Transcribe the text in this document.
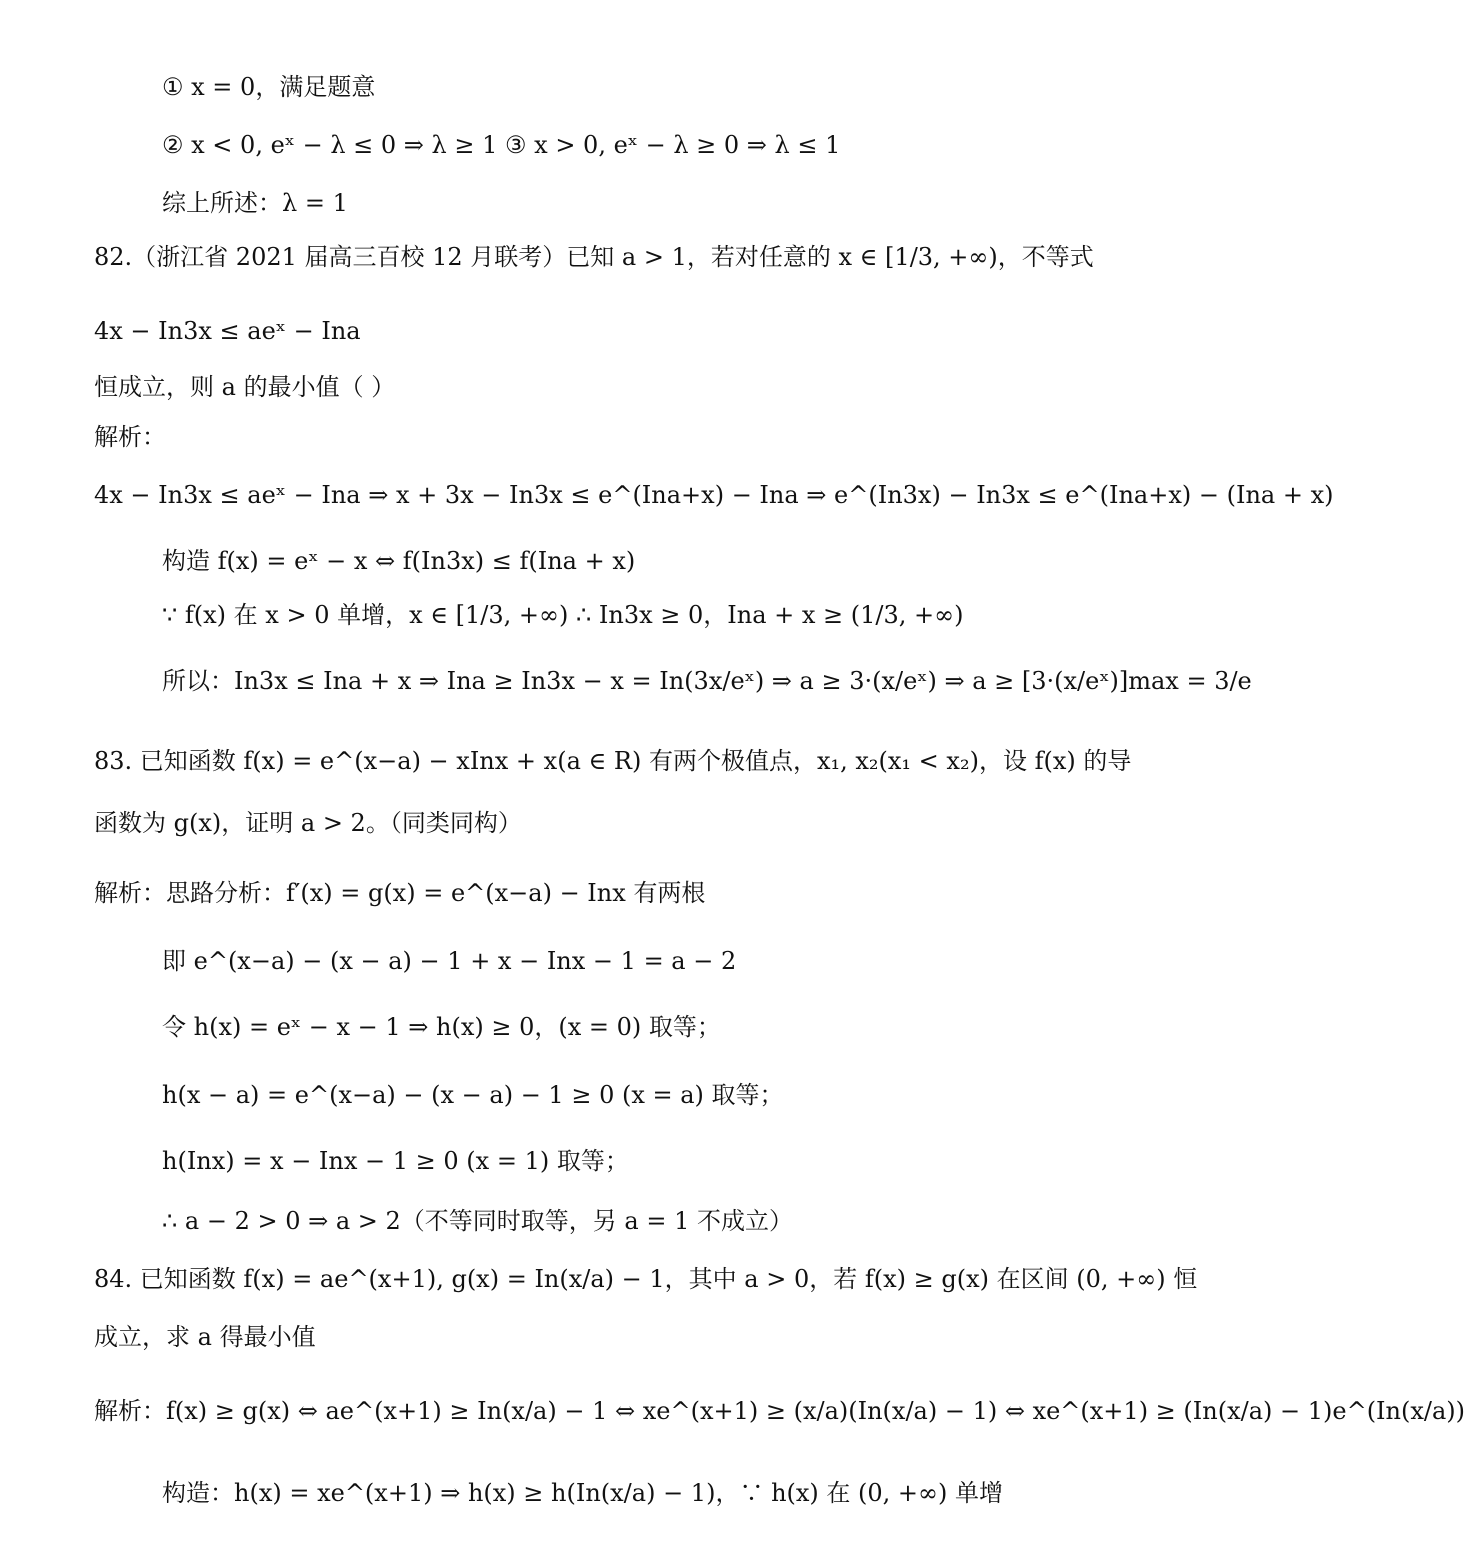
① x = 0，满足题意
② x < 0, eˣ − λ ≤ 0 ⇒ λ ≥ 1 ③ x > 0, eˣ − λ ≥ 0 ⇒ λ ≤ 1
综上所述：λ = 1
82.（浙江省 2021 届高三百校 12 月联考）已知 a > 1，若对任意的 x ∈ [1/3, +∞)，不等式
4x − In3x ≤ aeˣ − Ina
恒成立，则 a 的最小值（ ）
解析：
4x − In3x ≤ aeˣ − Ina ⇒ x + 3x − In3x ≤ e^(Ina+x) − Ina ⇒ e^(In3x) − In3x ≤ e^(Ina+x) − (Ina + x)
构造 f(x) = eˣ − x ⇔ f(In3x) ≤ f(Ina + x)
∵ f(x) 在 x > 0 单增，x ∈ [1/3, +∞) ∴ In3x ≥ 0，Ina + x ≥ (1/3, +∞)
所以：In3x ≤ Ina + x ⇒ Ina ≥ In3x − x = In(3x/eˣ) ⇒ a ≥ 3·(x/eˣ) ⇒ a ≥ [3·(x/eˣ)]max = 3/e
83. 已知函数 f(x) = e^(x−a) − xInx + x(a ∈ R) 有两个极值点，x₁, x₂(x₁ < x₂)，设 f(x) 的导
函数为 g(x)，证明 a > 2。（同类同构）
解析：思路分析：f′(x) = g(x) = e^(x−a) − Inx 有两根
即 e^(x−a) − (x − a) − 1 + x − Inx − 1 = a − 2
令 h(x) = eˣ − x − 1 ⇒ h(x) ≥ 0，(x = 0) 取等；
h(x − a) = e^(x−a) − (x − a) − 1 ≥ 0 (x = a) 取等；
h(Inx) = x − Inx − 1 ≥ 0 (x = 1) 取等；
∴ a − 2 > 0 ⇒ a > 2（不等同时取等，另 a = 1 不成立）
84. 已知函数 f(x) = ae^(x+1), g(x) = In(x/a) − 1，其中 a > 0，若 f(x) ≥ g(x) 在区间 (0, +∞) 恒
成立，求 a 得最小值
解析：f(x) ≥ g(x) ⇔ ae^(x+1) ≥ In(x/a) − 1 ⇔ xe^(x+1) ≥ (x/a)(In(x/a) − 1) ⇔ xe^(x+1) ≥ (In(x/a) − 1)e^(In(x/a))
构造：h(x) = xe^(x+1) ⇒ h(x) ≥ h(In(x/a) − 1)，∵ h(x) 在 (0, +∞) 单增
